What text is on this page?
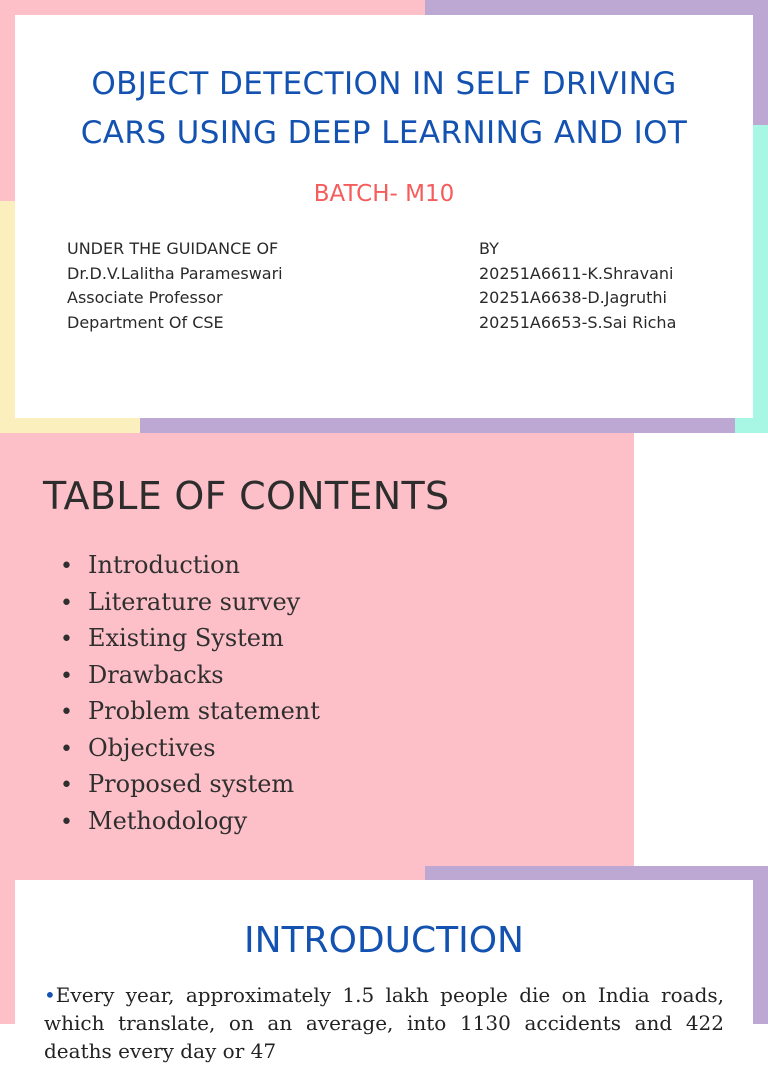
OBJECT DETECTION IN SELF DRIVING
CARS USING DEEP LEARNING AND IOT
BATCH- M10
UNDER THE GUIDANCE OF
Dr.D.V.Lalitha Parameswari
Associate Professor
Department Of CSE
BY
20251A6611-K.Shravani
20251A6638-D.Jagruthi
20251A6653-S.Sai Richa
TABLE OF CONTENTS
• Introduction
• Literature survey
• Existing System
• Drawbacks
• Problem statement
• Objectives
• Proposed system
• Methodology
INTRODUCTION
•Every year, approximately 1.5 lakh people die on India roads, which translate, on an average, into 1130 accidents and 422 deaths every day or 47
